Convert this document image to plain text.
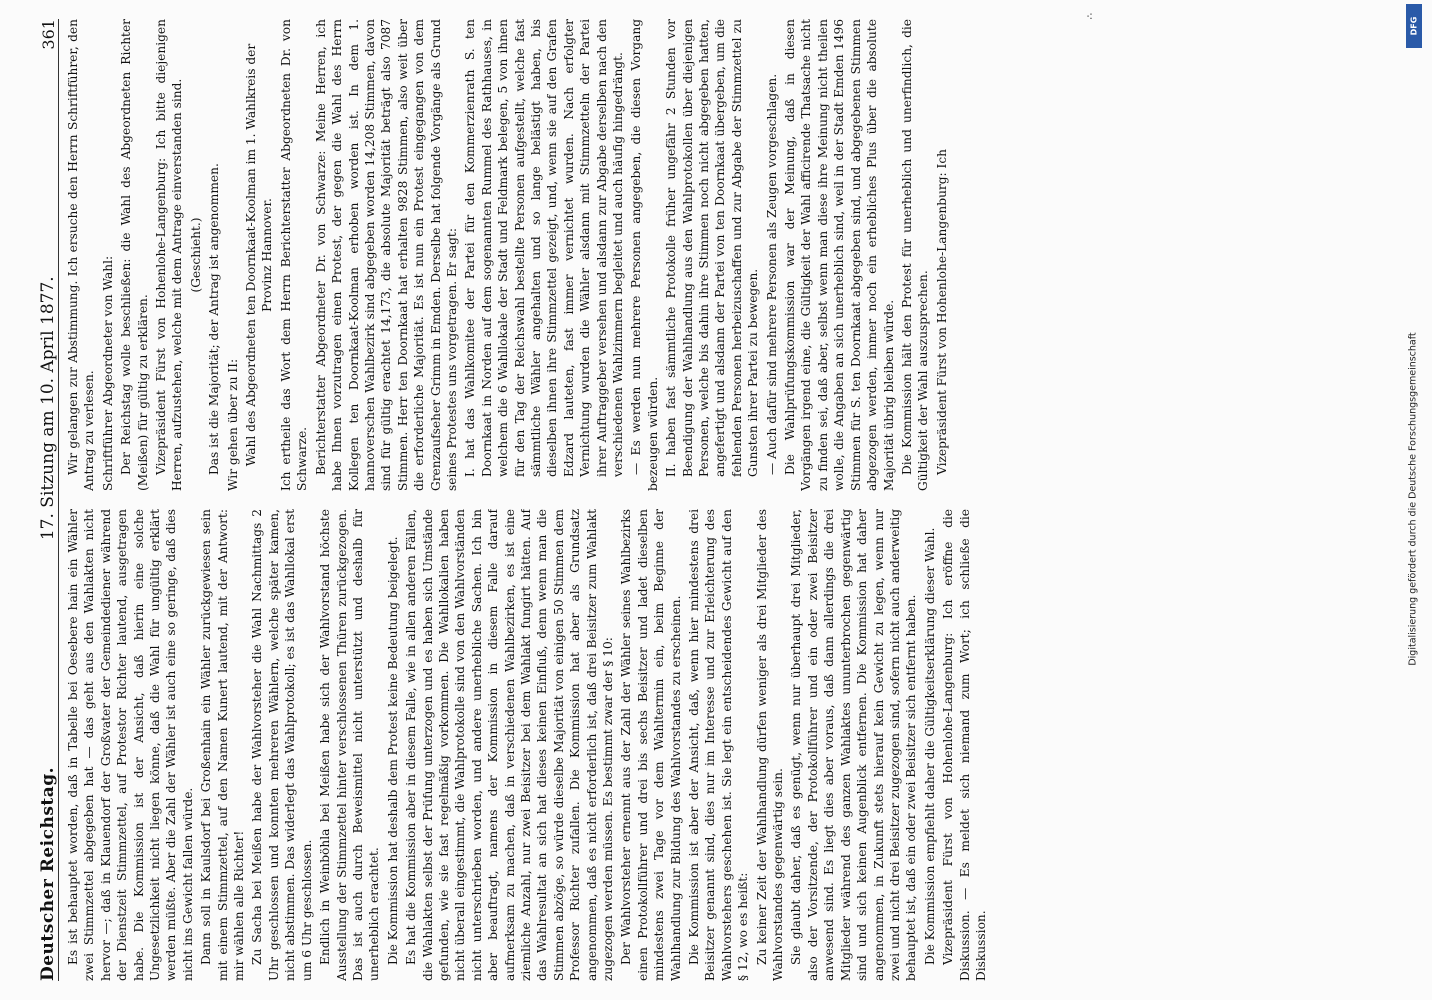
Deutscher Reichstag.
17. Sitzung am 10. April 1877.
361

Es ist behauptet worden, daß in Tabelle bei Oesebere hain ein Wähler zwei Stimmzettel abgegeben hat — das geht aus den Wahlakten nicht hervor —; daß in Klauendorf der Großvater der Gemeindediener während der Dienstzeit Stimmzettel, auf Protestor Richter lautend, ausgetragen habe. Die Kommission ist der Ansicht, daß hierin eine solche Ungesetzlichkeit nicht liegen könne, daß die Wahl für ungültig erklärt werden müßte. Aber die Zahl der Wähler ist auch eine so geringe, daß dies nicht ins Gewicht fallen würde. Dann soll in Kaulsdorf bei Großenhain ein Wähler zurückgewiesen sein mit einem Stimmzettel, auf den Namen Kunert lautend, mit der Antwort: mir wählen alle Richter! Zu Sacha bei Meißen habe der Wahlvorsteher die Wahl Nachmittags 2 Uhr geschlossen und konnten mehreren Wählern, welche später kamen, nicht abstimmen. Das widerlegt das Wahlprotokoll; es ist das Wahllokal erst um 6 Uhr geschlossen. Endlich in Weinböhla bei Meißen habe sich der Wahlvorstand höchste Ausstellung der Stimmzettel hinter verschlossenen Thüren zurückgezogen. Das ist auch durch Beweismittel nicht unterstützt und deshalb für unerheblich erachtet. Die Kommission hat deshalb dem Protest keine Bedeutung beigelegt. Es hat die Kommission aber in diesem Falle, wie in allen anderen Fällen, die Wahlakten selbst der Prüfung unterzogen und es haben sich Umstände gefunden, wie sie fast regelmäßig vorkommen. Die Wahllokalien haben nicht überall eingestimmt, die Wahlprotokolle sind von den Wahlvorständen nicht unterschrieben worden, und andere unerhebliche Sachen. Ich bin aber beauftragt, namens der Kommission in diesem Falle darauf aufmerksam zu machen, daß in verschiedenen Wahlbezirken, es ist eine ziemliche Anzahl, nur zwei Beisitzer bei dem Wahlakt fungirt hätten. Auf das Wahlresultat an sich hat dieses keinen Einfluß, denn wenn man die Stimmen abzöge, so würde dieselbe Majorität von einigen 50 Stimmen dem Professor Richter zufallen. Die Kommission hat aber als Grundsatz angenommen, daß es nicht erforderlich ist, daß drei Beisitzer zum Wahlakt zugezogen werden müssen. Es bestimmt zwar der § 10: Der Wahlvorsteher ernennt aus der Zahl der Wähler seines Wahlbezirks einen Protokollführer und drei bis sechs Beisitzer und ladet dieselben mindestens zwei Tage vor dem Wahltermin ein, beim Beginne der Wahlhandlung zur Bildung des Wahlvorstandes zu erscheinen. Die Kommission ist aber der Ansicht, daß, wenn hier mindestens drei Beisitzer genannt sind, dies nur im Interesse und zur Erleichterung des Wahlvorstehers geschehen ist. Sie legt ein entscheidendes Gewicht auf den § 12, wo es heißt: Zu keiner Zeit der Wahlhandlung dürfen weniger als drei Mitglieder des Wahlvorstandes gegenwärtig sein. Sie glaubt daher, daß es genügt, wenn nur überhaupt drei Mitglieder, also der Vorsitzende, der Protokollführer und ein oder zwei Beisitzer anwesend sind. Es liegt dies aber voraus, daß dann allerdings die drei Mitglieder während des ganzen Wahlaktes ununterbrochen gegenwärtig sind und sich keinen Augenblick entfernen. Die Kommission hat daher angenommen, in Zukunft stets hierauf kein Gewicht zu legen, wenn nur zwei und nicht drei Beisitzer zugezogen sind, sofern nicht auch anderweitig behauptet ist, daß ein oder zwei Beisitzer sich entfernt haben. Die Kommission empfiehlt daher die Gültigkeitserklärung dieser Wahl. Vizepräsident Fürst von Hohenlohe-Langenburg: Ich eröffne die Diskussion. — Es meldet sich niemand zum Wort; ich schließe die Diskussion.

Wir gelangen zur Abstimmung. Ich ersuche den Herrn Schriftführer, den Antrag zu verlesen. Schriftführer Abgeordneter von Wahl: Der Reichstag wolle beschließen: die Wahl des Abgeordneten Richter (Meißen) für gültig zu erklären. Vizepräsident Fürst von Hohenlohe-Langenburg: Ich bitte diejenigen Herren, aufzustehen, welche mit dem Antrage einverstanden sind. (Geschieht.) Das ist die Majorität; der Antrag ist angenommen. Wir gehen über zu II: Wahl des Abgeordneten ten Doornkaat-Koolman im 1. Wahlkreis der Provinz Hannover. Ich ertheile das Wort dem Herrn Berichterstatter Abgeordneten Dr. von Schwarze. Berichterstatter Abgeordneter Dr. von Schwarze: Meine Herren, ich habe Ihnen vorzutragen einen Protest, der gegen die Wahl des Herrn Kollegen ten Doornkaat-Koolman erhoben worden ist. In dem 1. hannoverschen Wahlbezirk sind abgegeben worden 14,208 Stimmen, davon sind für gültig erachtet 14,173, die absolute Majorität beträgt also 7087 Stimmen. Herr ten Doornkaat hat erhalten 9828 Stimmen, also weit über die erforderliche Majorität. Es ist nun ein Protest eingegangen von dem Grenzaufseher Grimm in Emden. Derselbe hat folgende Vorgänge als Grund seines Protestes uns vorgetragen. Er sagt: I. hat das Wahlkomitee der Partei für den Kommerzienrath S. ten Doornkaat in Norden auf dem sogenannten Rummel des Rathhauses, in welchem die 6 Wahllokale der Stadt und Feldmark belegen, 5 von ihnen für den Tag der Reichswahl bestellte Personen aufgestellt, welche fast sämmtliche Wähler angehalten und so lange belästigt haben, bis dieselben ihnen ihre Stimmzettel gezeigt, und, wenn sie auf den Grafen Edzard lauteten, fast immer vernichtet wurden. Nach erfolgter Vernichtung wurden die Wähler alsdann mit Stimmzetteln der Partei ihrer Auftraggeber versehen und alsdann zur Abgabe derselben nach den verschiedenen Wahlzimmern begleitet und auch häufig hingedrängt. — Es werden nun mehrere Personen angegeben, die diesen Vorgang bezeugen würden. II. haben fast sämmtliche Protokolle früher ungefähr 2 Stunden vor Beendigung der Wahlhandlung aus den Wahlprotokollen über diejenigen Personen, welche bis dahin ihre Stimmen noch nicht abgegeben hatten, angefertigt und alsdann der Partei von ten Doornkaat übergeben, um die fehlenden Personen herbeizuschaffen und zur Abgabe der Stimmzettel zu Gunsten ihrer Partei zu bewegen. — Auch dafür sind mehrere Personen als Zeugen vorgeschlagen. Die Wahlprüfungskommission war der Meinung, daß in diesen Vorgängen irgend eine, die Gültigkeit der Wahl afficirende Thatsache nicht zu finden sei, daß aber, selbst wenn man diese ihre Meinung nicht theilen wolle, die Angaben an sich unerheblich sind, weil in der Stadt Emden 1496 Stimmen für S. ten Doornkaat abgegeben sind, und abgegebenen Stimmen abgezogen werden, immer noch ein erhebliches Plus über die absolute Majorität übrig bleiben würde. Die Kommission hält den Protest für unerheblich und unerfindlich, die Gültigkeit der Wahl auszusprechen. Vizepräsident Fürst von Hohenlohe-Langenburg: Ich

⁖	DFG
Digitalisierung gefördert durch die Deutsche Forschungsgemeinschaft
